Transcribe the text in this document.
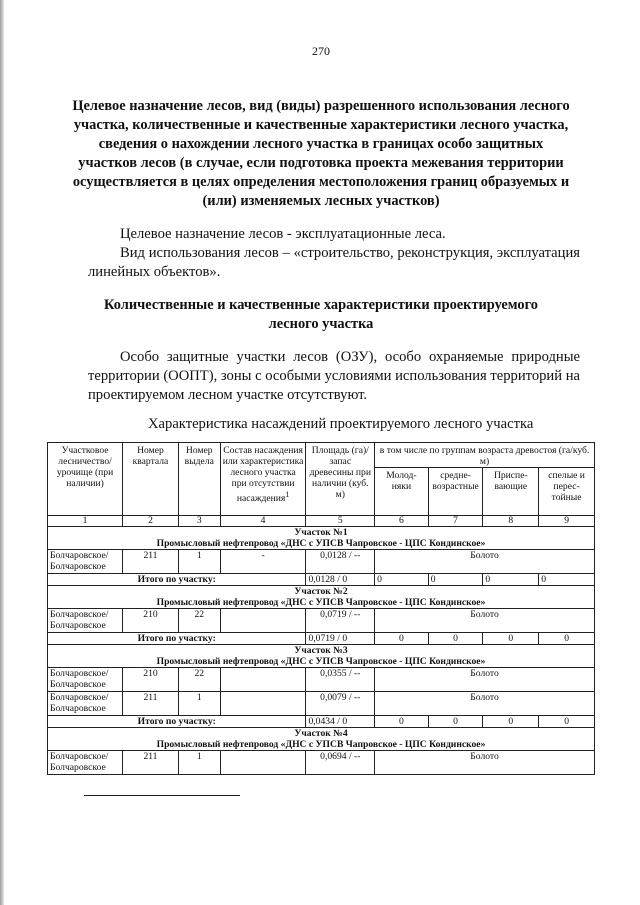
270
Целевое назначение лесов, вид (виды) разрешенного использования лесного участка, количественные и качественные характеристики лесного участка, сведения о нахождении лесного участка в границах особо защитных участков лесов (в случае, если подготовка проекта межевания территории осуществляется в целях определения местоположения границ образуемых и (или) изменяемых лесных участков)
Целевое назначение лесов - эксплуатационные леса.
Вид использования лесов – «строительство, реконструкция, эксплуатация линейных объектов».
Количественные и качественные характеристики проектируемого лесного участка
Особо защитные участки лесов (ОЗУ), особо охраняемые природные территории (ООПТ), зоны с особыми условиями использования территорий на проектируемом лесном участке отсутствуют.
Характеристика насаждений проектируемого лесного участка
Участковое лесничество/ урочище (при наличии)	Номер квартала	Номер выдела	Состав насаждения или характеристика лесного участка при отсутствии насаждения$^1$	Площадь (га)/ запас древесины при наличии (куб. м)	в том числе по группам возраста древостоя (га/куб. м)			
					Молод-няки	средне-возрастные	Приспе-вающие	спелые и перес-тойные
1	2	3	4	5	6	7	8	9

Участок №1
Промысловый нефтепровод «ДНС с УПСВ Чапровское - ЦПС Кондинское»								

Болчаровское/ Болчаровское	211	1	-	0,0128 / --	Болото			
Итого по участку:				0,0128 / 0	0	0	0	0

Участок №2
Промысловый нефтепровод «ДНС с УПСВ Чапровское - ЦПС Кондинское»								

Болчаровское/ Болчаровское	210	22		0,0719 / --	Болото			
Итого по участку:				0,0719 / 0	0	0	0	0

Участок №3
Промысловый нефтепровод «ДНС с УПСВ Чапровское - ЦПС Кондинское»								

Болчаровское/ Болчаровское	210	22		0,0355 / --	Болото			
Болчаровское/ Болчаровское	211	1		0,0079 / --	Болото			
Итого по участку:				0,0434 / 0	0	0	0	0

Участок №4
Промысловый нефтепровод «ДНС с УПСВ Чапровское - ЦПС Кондинское»								

Болчаровское/ Болчаровское	211	1		0,0694 / --	Болото			
